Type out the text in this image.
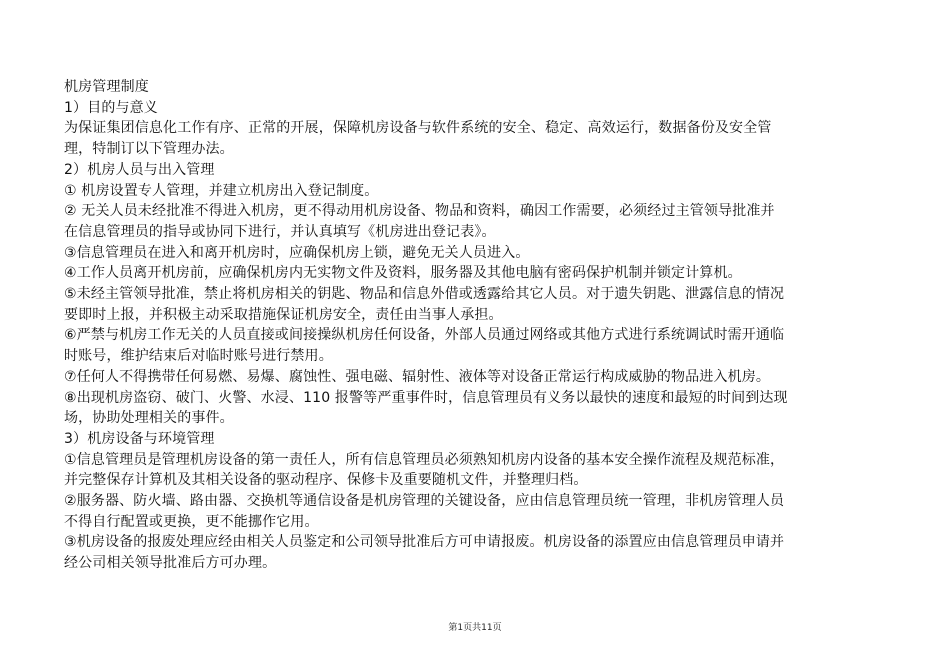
机房管理制度

1）目的与意义

为保证集团信息化工作有序、正常的开展，保障机房设备与软件系统的安全、稳定、高效运行，数据备份及安全管

理，特制订以下管理办法。

2）机房人员与出入管理

① 机房设置专人管理，并建立机房出入登记制度。

② 无关人员未经批准不得进入机房，更不得动用机房设备、物品和资料，确因工作需要，必须经过主管领导批准并

在信息管理员的指导或协同下进行，并认真填写《机房进出登记表》。

③信息管理员在进入和离开机房时，应确保机房上锁，避免无关人员进入。

④工作人员离开机房前，应确保机房内无实物文件及资料，服务器及其他电脑有密码保护机制并锁定计算机。

⑤未经主管领导批准，禁止将机房相关的钥匙、物品和信息外借或透露给其它人员。对于遗失钥匙、泄露信息的情况

要即时上报，并积极主动采取措施保证机房安全，责任由当事人承担。

⑥严禁与机房工作无关的人员直接或间接操纵机房任何设备，外部人员通过网络或其他方式进行系统调试时需开通临

时账号，维护结束后对临时账号进行禁用。

⑦任何人不得携带任何易燃、易爆、腐蚀性、强电磁、辐射性、液体等对设备正常运行构成威胁的物品进入机房。

⑧出现机房盗窃、破门、火警、水浸、110 报警等严重事件时，信息管理员有义务以最快的速度和最短的时间到达现

场，协助处理相关的事件。

3）机房设备与环境管理

①信息管理员是管理机房设备的第一责任人，所有信息管理员必须熟知机房内设备的基本安全操作流程及规范标准，

并完整保存计算机及其相关设备的驱动程序、保修卡及重要随机文件，并整理归档。

②服务器、防火墙、路由器、交换机等通信设备是机房管理的关键设备，应由信息管理员统一管理，非机房管理人员

不得自行配置或更换，更不能挪作它用。

③机房设备的报废处理应经由相关人员鉴定和公司领导批准后方可申请报废。机房设备的添置应由信息管理员申请并

经公司相关领导批准后方可办理。

第1页共11页
